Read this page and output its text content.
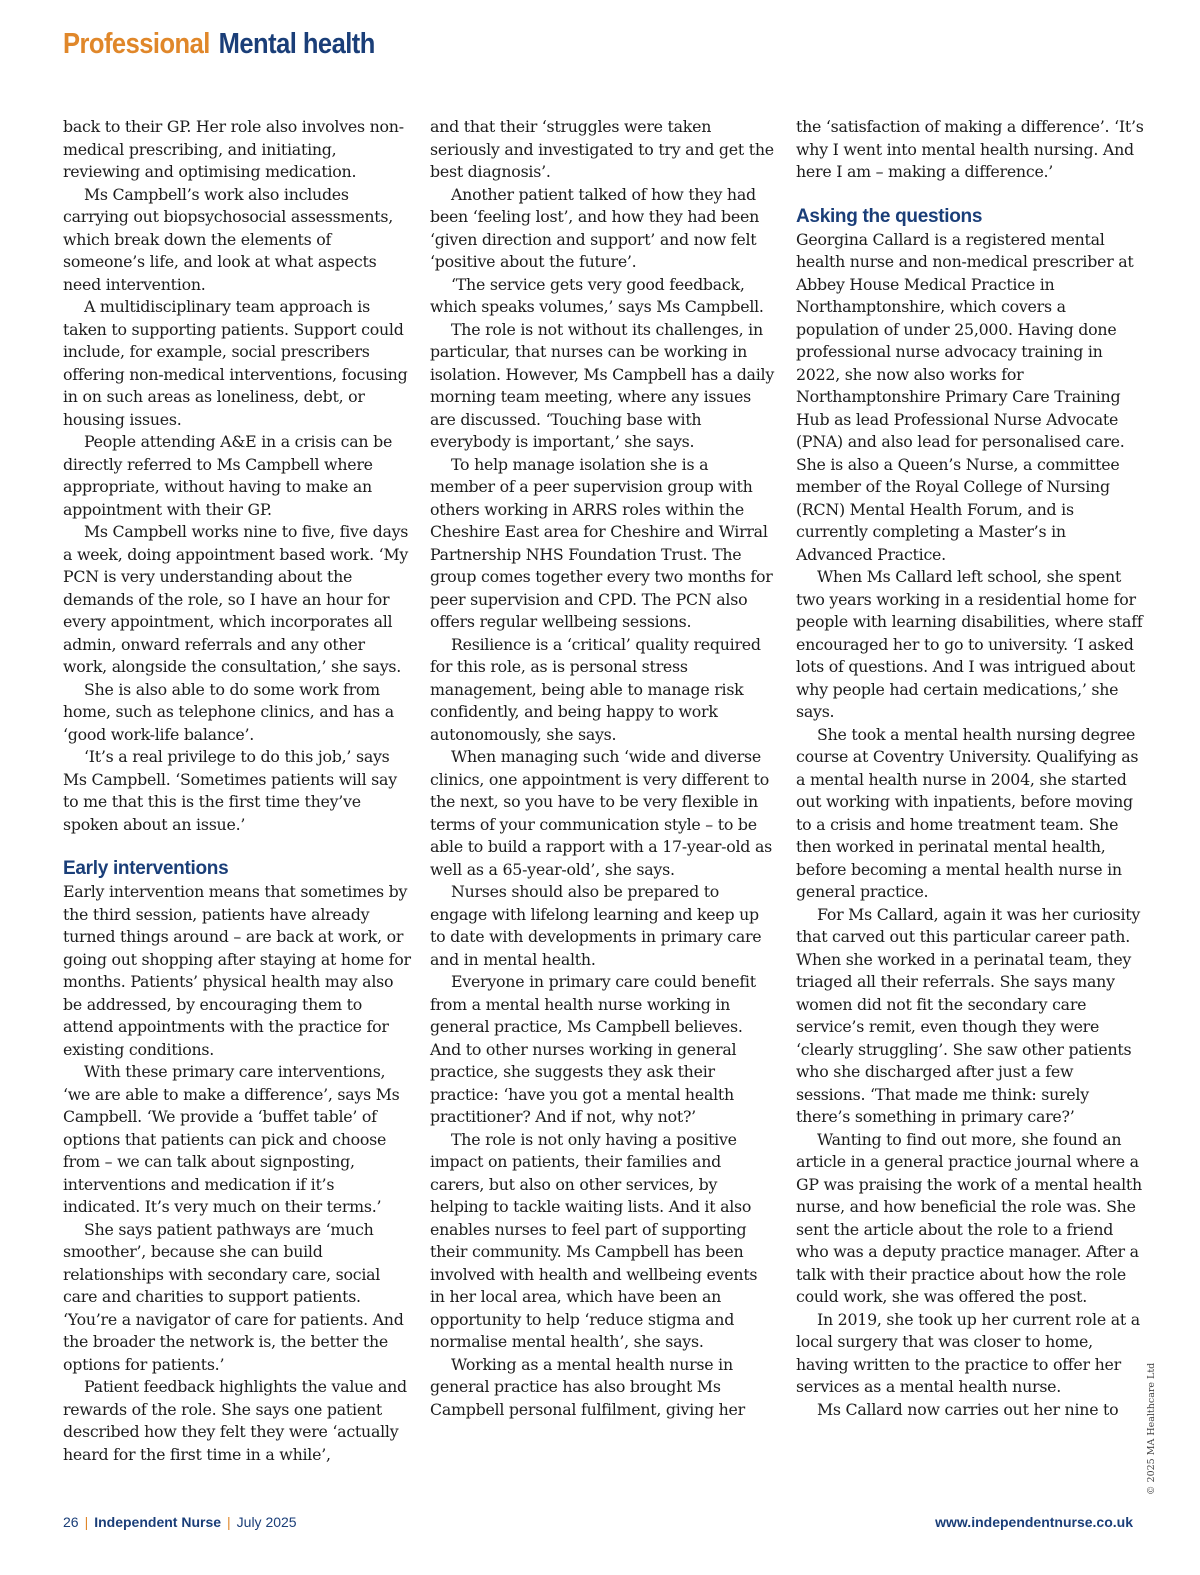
Professional Mental health

back to their GP. Her role also involves non-medical prescribing, and initiating, reviewing and optimising medication.

Ms Campbell’s work also includes carrying out biopsychosocial assessments, which break down the elements of someone’s life, and look at what aspects need intervention.

A multidisciplinary team approach is taken to supporting patients. Support could include, for example, social prescribers offering non-medical interventions, focusing in on such areas as loneliness, debt, or housing issues.

People attending A&E in a crisis can be directly referred to Ms Campbell where appropriate, without having to make an appointment with their GP.

Ms Campbell works nine to five, five days a week, doing appointment based work. ‘My PCN is very understanding about the demands of the role, so I have an hour for every appointment, which incorporates all admin, onward referrals and any other work, alongside the consultation,’ she says.

She is also able to do some work from home, such as telephone clinics, and has a ‘good work-life balance’.

‘It’s a real privilege to do this job,’ says Ms Campbell. ‘Sometimes patients will say to me that this is the first time they’ve spoken about an issue.’

Early interventions

Early intervention means that sometimes by the third session, patients have already turned things around – are back at work, or going out shopping after staying at home for months. Patients’ physical health may also be addressed, by encouraging them to attend appointments with the practice for existing conditions.

With these primary care interventions, ‘we are able to make a difference’, says Ms Campbell. ‘We provide a ‘buffet table’ of options that patients can pick and choose from – we can talk about signposting, interventions and medication if it’s indicated. It’s very much on their terms.’

She says patient pathways are ‘much smoother’, because she can build relationships with secondary care, social care and charities to support patients. ‘You’re a navigator of care for patients. And the broader the network is, the better the options for patients.’

Patient feedback highlights the value and rewards of the role. She says one patient described how they felt they were ‘actually heard for the first time in a while’,

and that their ‘struggles were taken seriously and investigated to try and get the best diagnosis’.

Another patient talked of how they had been ‘feeling lost’, and how they had been ‘given direction and support’ and now felt ‘positive about the future’.

‘The service gets very good feedback, which speaks volumes,’ says Ms Campbell.

The role is not without its challenges, in particular, that nurses can be working in isolation. However, Ms Campbell has a daily morning team meeting, where any issues are discussed. ‘Touching base with everybody is important,’ she says.

To help manage isolation she is a member of a peer supervision group with others working in ARRS roles within the Cheshire East area for Cheshire and Wirral Partnership NHS Foundation Trust. The group comes together every two months for peer supervision and CPD. The PCN also offers regular wellbeing sessions.

Resilience is a ‘critical’ quality required for this role, as is personal stress management, being able to manage risk confidently, and being happy to work autonomously, she says.

When managing such ‘wide and diverse clinics, one appointment is very different to the next, so you have to be very flexible in terms of your communication style – to be able to build a rapport with a 17-year-old as well as a 65-year-old’, she says.

Nurses should also be prepared to engage with lifelong learning and keep up to date with developments in primary care and in mental health.

Everyone in primary care could benefit from a mental health nurse working in general practice, Ms Campbell believes. And to other nurses working in general practice, she suggests they ask their practice: ‘have you got a mental health practitioner? And if not, why not?’

The role is not only having a positive impact on patients, their families and carers, but also on other services, by helping to tackle waiting lists. And it also enables nurses to feel part of supporting their community. Ms Campbell has been involved with health and wellbeing events in her local area, which have been an opportunity to help ‘reduce stigma and normalise mental health’, she says.

Working as a mental health nurse in general practice has also brought Ms Campbell personal fulfilment, giving her

the ‘satisfaction of making a difference’. ‘It’s why I went into mental health nursing. And here I am – making a difference.’

Asking the questions

Georgina Callard is a registered mental health nurse and non-medical prescriber at Abbey House Medical Practice in Northamptonshire, which covers a population of under 25,000. Having done professional nurse advocacy training in 2022, she now also works for Northamptonshire Primary Care Training Hub as lead Professional Nurse Advocate (PNA) and also lead for personalised care. She is also a Queen’s Nurse, a committee member of the Royal College of Nursing (RCN) Mental Health Forum, and is currently completing a Master’s in Advanced Practice.

When Ms Callard left school, she spent two years working in a residential home for people with learning disabilities, where staff encouraged her to go to university. ‘I asked lots of questions. And I was intrigued about why people had certain medications,’ she says.

She took a mental health nursing degree course at Coventry University. Qualifying as a mental health nurse in 2004, she started out working with inpatients, before moving to a crisis and home treatment team. She then worked in perinatal mental health, before becoming a mental health nurse in general practice.

For Ms Callard, again it was her curiosity that carved out this particular career path. When she worked in a perinatal team, they triaged all their referrals. She says many women did not fit the secondary care service’s remit, even though they were ‘clearly struggling’. She saw other patients who she discharged after just a few sessions. ‘That made me think: surely there’s something in primary care?’

Wanting to find out more, she found an article in a general practice journal where a GP was praising the work of a mental health nurse, and how beneficial the role was. She sent the article about the role to a friend who was a deputy practice manager. After a talk with their practice about how the role could work, she was offered the post.

In 2019, she took up her current role at a local surgery that was closer to home, having written to the practice to offer her services as a mental health nurse.

Ms Callard now carries out her nine to	© 2025 MA Healthcare Ltd
26 | Independent Nurse | July 2025	www.independentnurse.co.uk
